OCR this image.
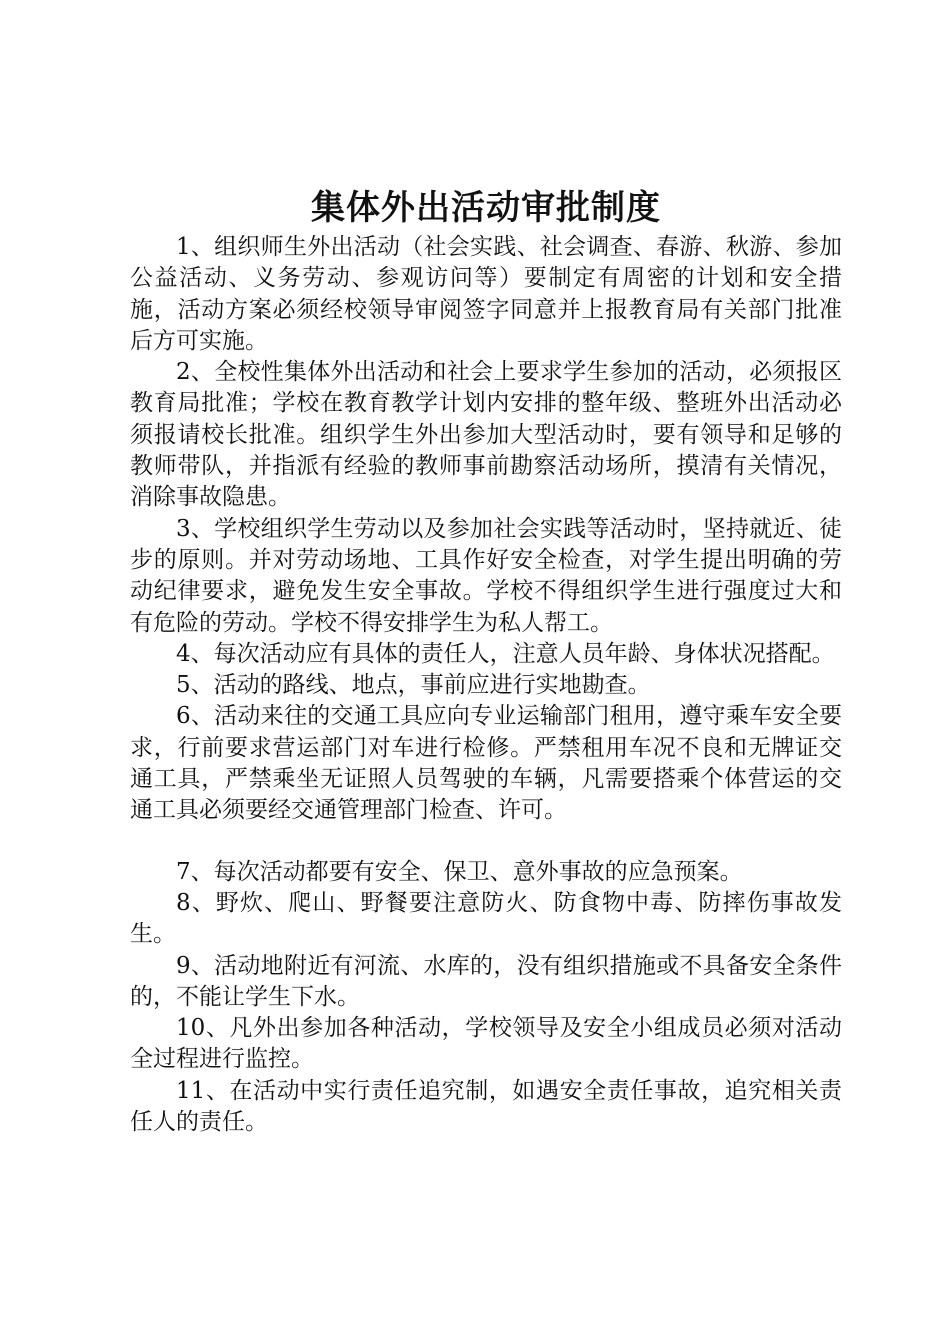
集体外出活动审批制度

1、组织师生外出活动（社会实践、社会调查、春游、秋游、参加公益活动、义务劳动、参观访问等）要制定有周密的计划和安全措施，活动方案必须经校领导审阅签字同意并上报教育局有关部门批准后方可实施。

2、全校性集体外出活动和社会上要求学生参加的活动，必须报区教育局批准；学校在教育教学计划内安排的整年级、整班外出活动必须报请校长批准。组织学生外出参加大型活动时，要有领导和足够的教师带队，并指派有经验的教师事前勘察活动场所，摸清有关情况，消除事故隐患。

3、学校组织学生劳动以及参加社会实践等活动时，坚持就近、徒步的原则。并对劳动场地、工具作好安全检查，对学生提出明确的劳动纪律要求，避免发生安全事故。学校不得组织学生进行强度过大和有危险的劳动。学校不得安排学生为私人帮工。

4、每次活动应有具体的责任人，注意人员年龄、身体状况搭配。

5、活动的路线、地点，事前应进行实地勘查。

6、活动来往的交通工具应向专业运输部门租用，遵守乘车安全要求，行前要求营运部门对车进行检修。严禁租用车况不良和无牌证交通工具，严禁乘坐无证照人员驾驶的车辆，凡需要搭乘个体营运的交通工具必须要经交通管理部门检查、许可。

7、每次活动都要有安全、保卫、意外事故的应急预案。

8、野炊、爬山、野餐要注意防火、防食物中毒、防摔伤事故发生。

9、活动地附近有河流、水库的，没有组织措施或不具备安全条件的，不能让学生下水。

10、凡外出参加各种活动，学校领导及安全小组成员必须对活动全过程进行监控。

11、在活动中实行责任追究制，如遇安全责任事故，追究相关责任人的责任。
